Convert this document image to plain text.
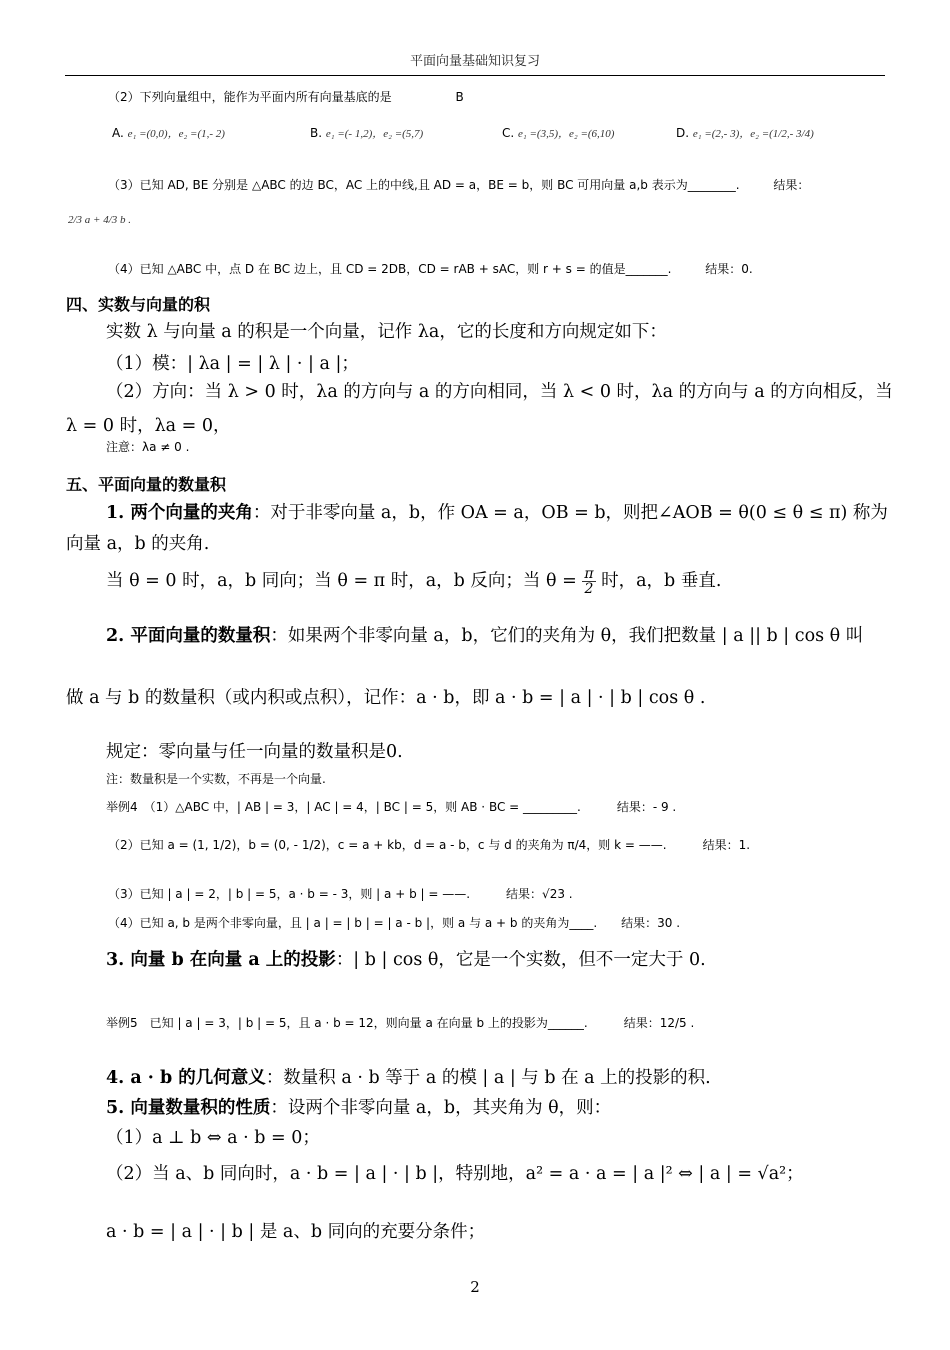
平面向量基础知识复习
（2）下列向量组中，能作为平面内所有向量基底的是	B
A. e₁ =(0,0)，e₂ =(1,- 2)	B. e₁ =(- 1,2)，e₂ =(5,7)	C. e₁ =(3,5)，e₂ =(6,10)	D. e₁ =(2,- 3)，e₂ =(1/2,- 3/4)
（3）已知 AD, BE 分别是 △ABC 的边 BC，AC 上的中线,且 AD = a，BE = b，则 BC 可用向量 a,b 表示为________.	结果：
2/3 a + 4/3 b .
（4）已知 △ABC 中，点 D 在 BC 边上，且 CD = 2DB，CD = rAB + sAC，则 r + s = 的值是_______.	结果：0.
四、实数与向量的积
实数 λ 与向量 a 的积是一个向量，记作 λa，它的长度和方向规定如下：
（1）模：| λa | = | λ | · | a |；
（2）方向：当 λ > 0 时，λa 的方向与 a 的方向相同，当 λ < 0 时，λa 的方向与 a 的方向相反，当
λ = 0 时，λa = 0，
注意：λa ≠ 0 .
五、平面向量的数量积
1. 两个向量的夹角：对于非零向量 a，b，作 OA = a，OB = b，则把∠AOB = θ(0 ≤ θ ≤ π) 称为
向量 a，b 的夹角.
当 θ = 0 时，a，b 同向；当 θ = π 时，a，b 反向；当 $\theta = \frac{\pi}{2}$ 时，a，b 垂直.
2. 平面向量的数量积：如果两个非零向量 a，b，它们的夹角为 θ，我们把数量 | a || b | cos θ 叫
做 a 与 b 的数量积（或内积或点积），记作：a · b，即 a · b = | a | · | b | cos θ .
规定：零向量与任一向量的数量积是0.
注：数量积是一个实数，不再是一个向量.
举例4　（1）△ABC 中，| AB | = 3，| AC | = 4，| BC | = 5，则 AB · BC = _________.　　　结果：- 9 .
（2）已知 a = (1, 1/2)，b = (0, - 1/2)，c = a + kb，d = a - b，c 与 d 的夹角为 π/4，则 k = ——.　　　结果：1.
（3）已知 | a | = 2，| b | = 5，a · b = - 3，则 | a + b | = ——.　　　结果：√23 .
（4）已知 a, b 是两个非零向量，且 | a | = | b | = | a - b |，则 a 与 a + b 的夹角为____.　　结果：30 .
3. 向量 b 在向量 a 上的投影：| b | cos θ，它是一个实数，但不一定大于 0.
举例5　已知 | a | = 3，| b | = 5，且 a · b = 12，则向量 a 在向量 b 上的投影为______.　　　结果：12/5 .
4. a · b 的几何意义：数量积 a · b 等于 a 的模 | a | 与 b 在 a 上的投影的积.
5. 向量数量积的性质：设两个非零向量 a，b，其夹角为 θ，则：
（1）a ⊥ b ⇔ a · b = 0；
（2）当 a、b 同向时，a · b = | a | · | b |，特别地，a² = a · a = | a |² ⇔ | a | = √a²；
a · b = | a | · | b | 是 a、b 同向的充要分条件；
2
